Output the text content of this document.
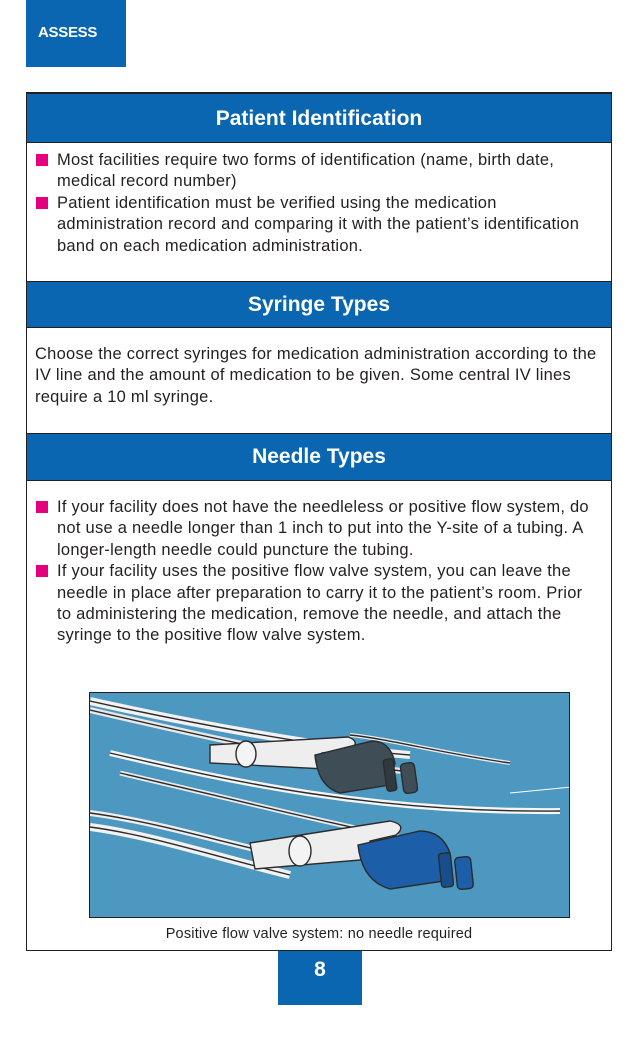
ASSESS
Patient Identification
Most facilities require two forms of identification (name, birth date, medical record number)
Patient identification must be verified using the medication administration record and comparing it with the patient’s identification band on each medication administration.
Syringe Types

Choose the correct syringes for medication administration according to the IV line and the amount of medication to be given. Some central IV lines require a 10 ml syringe.

Needle Types
If your facility does not have the needleless or positive flow system, do not use a needle longer than 1 inch to put into the Y-site of a tubing. A longer-length needle could puncture the tubing.
If your facility uses the positive flow valve system, you can leave the needle in place after preparation to carry it to the patient’s room. Prior to administering the medication, remove the needle, and attach the syringe to the positive flow valve system.
Positive flow valve system: no needle required
8
